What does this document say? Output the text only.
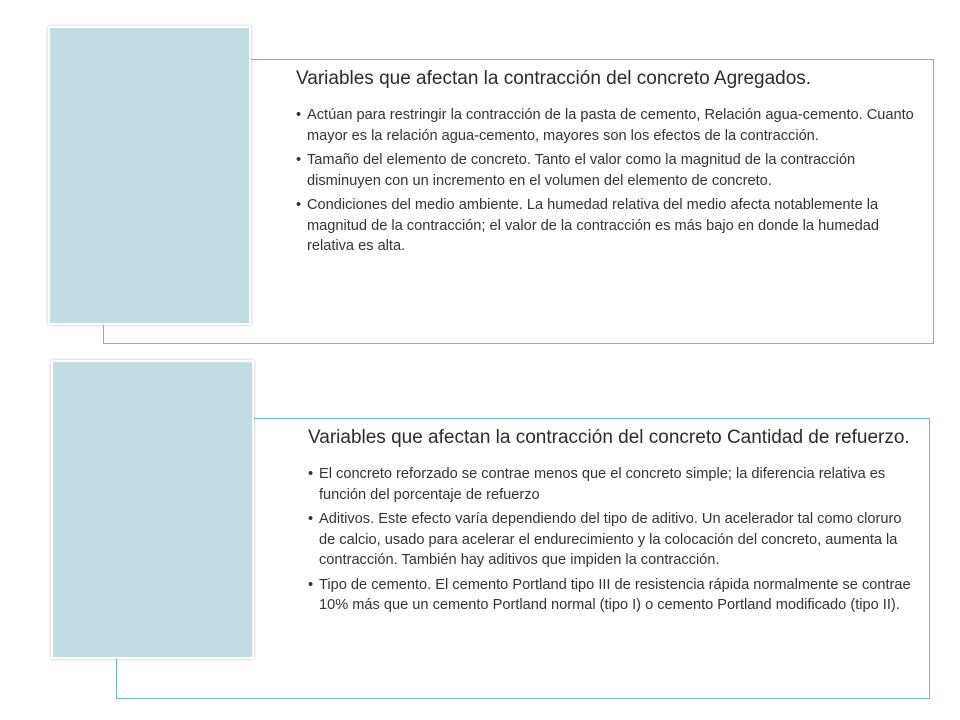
Variables que afectan la contracción del concreto Agregados.
• Actúan para restringir la contracción de la pasta de cemento, Relación agua-cemento. Cuanto mayor es la relación agua-cemento, mayores son los efectos de la contracción.
• Tamaño del elemento de concreto. Tanto el valor como la magnitud de la contracción disminuyen con un incremento en el volumen del elemento de concreto.
• Condiciones del medio ambiente. La humedad relativa del medio afecta notablemente la magnitud de la contracción; el valor de la contracción es más bajo en donde la humedad relativa es alta.
Variables que afectan la contracción del concreto Cantidad de refuerzo.
• El concreto reforzado se contrae menos que el concreto simple; la diferencia relativa es función del porcentaje de refuerzo
• Aditivos. Este efecto varía dependiendo del tipo de aditivo. Un acelerador tal como cloruro de calcio, usado para acelerar el endurecimiento y la colocación del concreto, aumenta la contracción. También hay aditivos que impiden la contracción.
• Tipo de cemento. El cemento Portland tipo III de resistencia rápida normalmente se contrae 10% más que un cemento Portland normal (tipo I) o cemento Portland modificado (tipo II).
